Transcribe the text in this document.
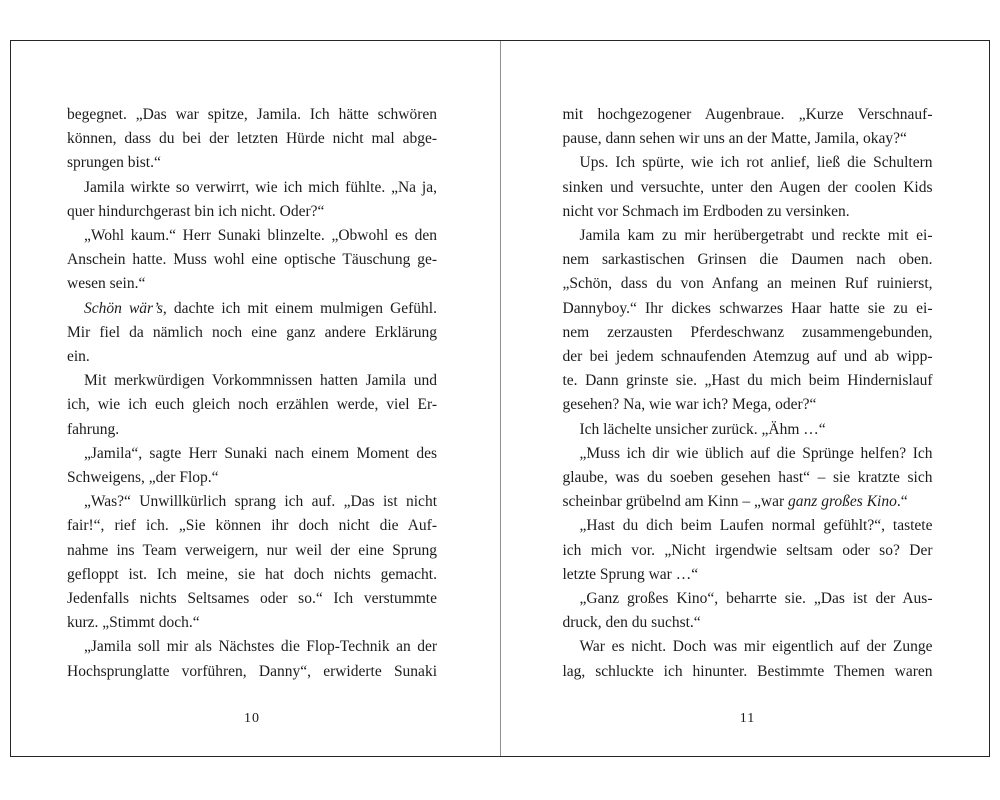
begegnet. „Das war spitze, Jamila. Ich hätte schwören
können, dass du bei der letzten Hürde nicht mal abge-
sprungen bist.“
Jamila wirkte so verwirrt, wie ich mich fühlte. „Na ja,
quer hindurchgerast bin ich nicht. Oder?“
„Wohl kaum.“ Herr Sunaki blinzelte. „Obwohl es den
Anschein hatte. Muss wohl eine optische Täuschung ge-
wesen sein.“
Schön wär’s, dachte ich mit einem mulmigen Gefühl.
Mir fiel da nämlich noch eine ganz andere Erklärung
ein.
Mit merkwürdigen Vorkommnissen hatten Jamila und
ich, wie ich euch gleich noch erzählen werde, viel Er-
fahrung.
„Jamila“, sagte Herr Sunaki nach einem Moment des
Schweigens, „der Flop.“
„Was?“ Unwillkürlich sprang ich auf. „Das ist nicht
fair!“, rief ich. „Sie können ihr doch nicht die Auf-
nahme ins Team verweigern, nur weil der eine Sprung
gefloppt ist. Ich meine, sie hat doch nichts gemacht.
Jedenfalls nichts Seltsames oder so.“ Ich verstummte
kurz. „Stimmt doch.“
„Jamila soll mir als Nächstes die Flop-Technik an der
Hochsprunglatte vorführen, Danny“, erwiderte Sunaki
10
mit hochgezogener Augenbraue. „Kurze Verschnauf-
pause, dann sehen wir uns an der Matte, Jamila, okay?“
Ups. Ich spürte, wie ich rot anlief, ließ die Schultern
sinken und versuchte, unter den Augen der coolen Kids
nicht vor Schmach im Erdboden zu versinken.
Jamila kam zu mir herübergetrabt und reckte mit ei-
nem sarkastischen Grinsen die Daumen nach oben.
„Schön, dass du von Anfang an meinen Ruf ruinierst,
Dannyboy.“ Ihr dickes schwarzes Haar hatte sie zu ei-
nem zerzausten Pferdeschwanz zusammengebunden,
der bei jedem schnaufenden Atemzug auf und ab wipp-
te. Dann grinste sie. „Hast du mich beim Hindernislauf
gesehen? Na, wie war ich? Mega, oder?“
Ich lächelte unsicher zurück. „Ähm …“
„Muss ich dir wie üblich auf die Sprünge helfen? Ich
glaube, was du soeben gesehen hast“ – sie kratzte sich
scheinbar grübelnd am Kinn – „war ganz großes Kino.“
„Hast du dich beim Laufen normal gefühlt?“, tastete
ich mich vor. „Nicht irgendwie seltsam oder so? Der
letzte Sprung war …“
„Ganz großes Kino“, beharrte sie. „Das ist der Aus-
druck, den du suchst.“
War es nicht. Doch was mir eigentlich auf der Zunge
lag, schluckte ich hinunter. Bestimmte Themen waren
11
